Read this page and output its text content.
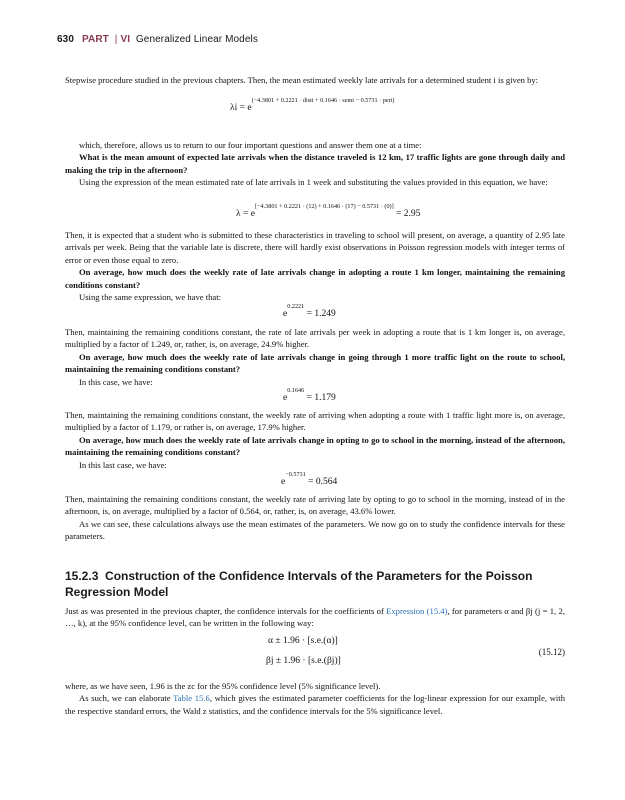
630 PART | VI Generalized Linear Models

Stepwise procedure studied in the previous chapters. Then, the mean estimated weekly late arrivals for a determined student i is given by:

$\lambda i = e^{(-4.3801 + 0.2221 \cdot disti + 0.1646 \cdot semi - 0.5731 \cdot peri)}$

which, therefore, allows us to return to our four important questions and answer them one at a time:

What is the mean amount of expected late arrivals when the distance traveled is 12 km, 17 traffic lights are gone through daily and making the trip in the afternoon?

Using the expression of the mean estimated rate of late arrivals in 1 week and substituting the values provided in this equation, we have:

λ = e[−4.3801 + 0.2221 · (12) + 0.1646 · (17) − 0.5731 · (0)] = 2.95

Then, it is expected that a student who is submitted to these characteristics in traveling to school will present, on average, a quantity of 2.95 late arrivals per week. Being that the variable late is discrete, there will hardly exist observations in Poisson regression models with integer terms of error or even those equal to zero.

On average, how much does the weekly rate of late arrivals change in adopting a route 1 km longer, maintaining the remaining conditions constant?

Using the same expression, we have that:

$e^{0.2221} = 1.249$

Then, maintaining the remaining conditions constant, the rate of late arrivals per week in adopting a route that is 1 km longer is, on average, multiplied by a factor of 1.249, or, rather, is, on average, 24.9% higher.

On average, how much does the weekly rate of late arrivals change in going through 1 more traffic light on the route to school, maintaining the remaining conditions constant?

In this case, we have:

$e^{0.1646} = 1.179$

Then, maintaining the remaining conditions constant, the weekly rate of arriving when adopting a route with 1 traffic light more is, on average, multiplied by a factor of 1.179, or rather is, on average, 17.9% higher.

On average, how much does the weekly rate of late arrivals change in opting to go to school in the morning, instead of the afternoon, maintaining the remaining conditions constant?

In this last case, we have:

$e^{-0.5731} = 0.564$

Then, maintaining the remaining conditions constant, the weekly rate of arriving late by opting to go to school in the morning, instead of in the afternoon, is, on average, multiplied by a factor of 0.564, or, rather, is, on average, 43.6% lower.

As we can see, these calculations always use the mean estimates of the parameters. We now go on to study the confidence intervals for these parameters.

15.2.3 Construction of the Confidence Intervals of the Parameters for the Poisson Regression Model

Just as was presented in the previous chapter, the confidence intervals for the coefficients of Expression (15.4), for parameters α and βj (j = 1, 2, …, k), at the 95% confidence level, can be written in the following way:

α ± 1.96 · [s.e.(α)]
βj ± 1.96 · [s.e.(βj)]
(15.12)

where, as we have seen, 1.96 is the zc for the 95% confidence level (5% significance level).

As such, we can elaborate Table 15.6, which gives the estimated parameter coefficients for the log-linear expression for our example, with the respective standard errors, the Wald z statistics, and the confidence intervals for the 5% significance level.
